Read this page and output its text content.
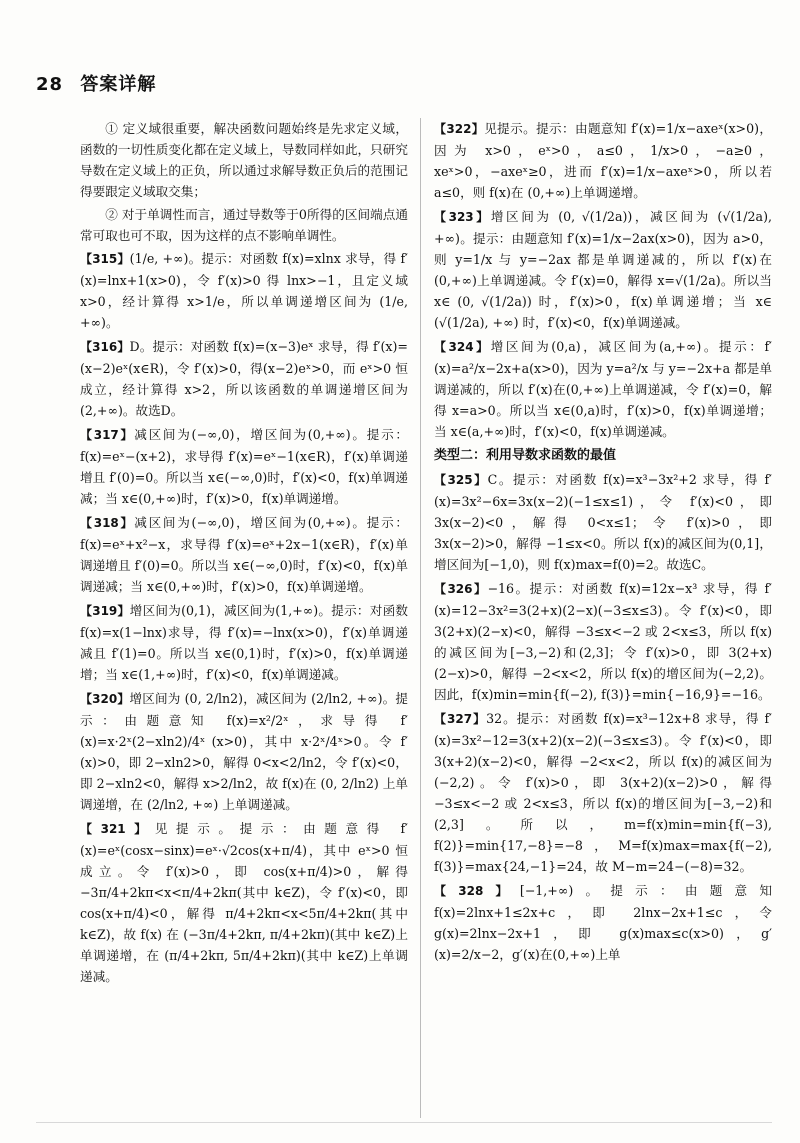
28 答案详解

① 定义域很重要，解决函数问题始终是先求定义域，函数的一切性质变化都在定义域上，导数同样如此，只研究导数在定义域上的正负，所以通过求解导数正负后的范围记得要跟定义域取交集；

② 对于单调性而言，通过导数等于0所得的区间端点通常可取也可不取，因为这样的点不影响单调性。

【315】(1/e, +∞)。提示：对函数 f(x)=xlnx 求导，得 f′(x)=lnx+1(x>0)，令 f′(x)>0 得 lnx>−1，且定义域 x>0，经计算得 x>1/e，所以单调递增区间为 (1/e, +∞)。

【316】D。提示：对函数 f(x)=(x−3)eˣ 求导，得 f′(x)=(x−2)eˣ(x∈R)，令 f′(x)>0，得(x−2)eˣ>0，而 eˣ>0 恒成立，经计算得 x>2，所以该函数的单调递增区间为 (2,+∞)。故选D。

【317】减区间为(−∞,0)，增区间为(0,+∞)。提示：f(x)=eˣ−(x+2)，求导得 f′(x)=eˣ−1(x∈R)，f′(x)单调递增且 f′(0)=0。所以当 x∈(−∞,0)时，f′(x)<0，f(x)单调递减；当 x∈(0,+∞)时，f′(x)>0，f(x)单调递增。

【318】减区间为(−∞,0)，增区间为(0,+∞)。提示：f(x)=eˣ+x²−x，求导得 f′(x)=eˣ+2x−1(x∈R)，f′(x)单调递增且 f′(0)=0。所以当 x∈(−∞,0)时，f′(x)<0，f(x)单调递减；当 x∈(0,+∞)时，f′(x)>0，f(x)单调递增。

【319】增区间为(0,1)，减区间为(1,+∞)。提示：对函数 f(x)=x(1−lnx)求导，得 f′(x)=−lnx(x>0)，f′(x)单调递减且 f′(1)=0。所以当 x∈(0,1)时，f′(x)>0，f(x)单调递增；当 x∈(1,+∞)时，f′(x)<0，f(x)单调递减。

【320】增区间为 (0, 2/ln2)，减区间为 (2/ln2, +∞)。提示：由题意知 f(x)=x²/2ˣ，求导得 f′(x)=x·2ˣ(2−xln2)/4ˣ (x>0)，其中 x·2ˣ/4ˣ>0。令 f′(x)>0，即 2−xln2>0，解得 0<x<2/ln2，令 f′(x)<0，即 2−xln2<0，解得 x>2/ln2，故 f(x)在 (0, 2/ln2) 上单调递增，在 (2/ln2, +∞) 上单调递减。

【321】见提示。提示：由题意得 f′(x)=eˣ(cosx−sinx)=eˣ·√2cos(x+π/4)，其中 eˣ>0 恒成立。令 f′(x)>0，即 cos(x+π/4)>0，解得 −3π/4+2kπ<x<π/4+2kπ(其中 k∈Z)，令 f′(x)<0，即 cos(x+π/4)<0，解得 π/4+2kπ<x<5π/4+2kπ(其中 k∈Z)，故 f(x) 在 (−3π/4+2kπ, π/4+2kπ)(其中 k∈Z)上单调递增，在 (π/4+2kπ, 5π/4+2kπ)(其中 k∈Z)上单调递减。

【322】见提示。提示：由题意知 f′(x)=1/x−axeˣ(x>0)，因为 x>0，eˣ>0，a≤0，1/x>0，−a≥0，xeˣ>0，−axeˣ≥0，进而 f′(x)=1/x−axeˣ>0，所以若 a≤0，则 f(x)在 (0,+∞)上单调递增。

【323】增区间为 (0, √(1/2a))，减区间为 (√(1/2a), +∞)。提示：由题意知 f′(x)=1/x−2ax(x>0)，因为 a>0，则 y=1/x 与 y=−2ax 都是单调递减的，所以 f′(x)在(0,+∞)上单调递减。令 f′(x)=0，解得 x=√(1/2a)。所以当 x∈ (0, √(1/2a)) 时，f′(x)>0，f(x)单调递增；当 x∈ (√(1/2a), +∞) 时，f′(x)<0，f(x)单调递减。

【324】增区间为(0,a)，减区间为(a,+∞)。提示：f′(x)=a²/x−2x+a(x>0)，因为 y=a²/x 与 y=−2x+a 都是单调递减的，所以 f′(x)在(0,+∞)上单调递减，令 f′(x)=0，解得 x=a>0。所以当 x∈(0,a)时，f′(x)>0，f(x)单调递增；当 x∈(a,+∞)时，f′(x)<0，f(x)单调递减。

类型二：利用导数求函数的最值

【325】C。提示：对函数 f(x)=x³−3x²+2 求导，得 f′(x)=3x²−6x=3x(x−2)(−1≤x≤1)，令 f′(x)<0，即 3x(x−2)<0，解得 0<x≤1；令 f′(x)>0，即 3x(x−2)>0，解得 −1≤x<0。所以 f(x)的减区间为(0,1]，增区间为[−1,0)，则 f(x)max=f(0)=2。故选C。

【326】−16。提示：对函数 f(x)=12x−x³ 求导，得 f′(x)=12−3x²=3(2+x)(2−x)(−3≤x≤3)。令 f′(x)<0，即 3(2+x)(2−x)<0，解得 −3≤x<−2 或 2<x≤3，所以 f(x)的减区间为[−3,−2)和(2,3]；令 f′(x)>0，即 3(2+x)(2−x)>0，解得 −2<x<2，所以 f(x)的增区间为(−2,2)。因此，f(x)min=min{f(−2), f(3)}=min{−16,9}=−16。

【327】32。提示：对函数 f(x)=x³−12x+8 求导，得 f′(x)=3x²−12=3(x+2)(x−2)(−3≤x≤3)。令 f′(x)<0，即 3(x+2)(x−2)<0，解得 −2<x<2，所以 f(x)的减区间为(−2,2)。令 f′(x)>0，即 3(x+2)(x−2)>0，解得 −3≤x<−2 或 2<x≤3，所以 f(x)的增区间为[−3,−2)和(2,3]。所以，m=f(x)min=min{f(−3), f(2)}=min{17,−8}=−8，M=f(x)max=max{f(−2), f(3)}=max{24,−1}=24，故 M−m=24−(−8)=32。

【328】[−1,+∞)。提示：由题意知 f(x)=2lnx+1≤2x+c，即 2lnx−2x+1≤c，令 g(x)=2lnx−2x+1，即 g(x)max≤c(x>0)，g′(x)=2/x−2，g′(x)在(0,+∞)上单
